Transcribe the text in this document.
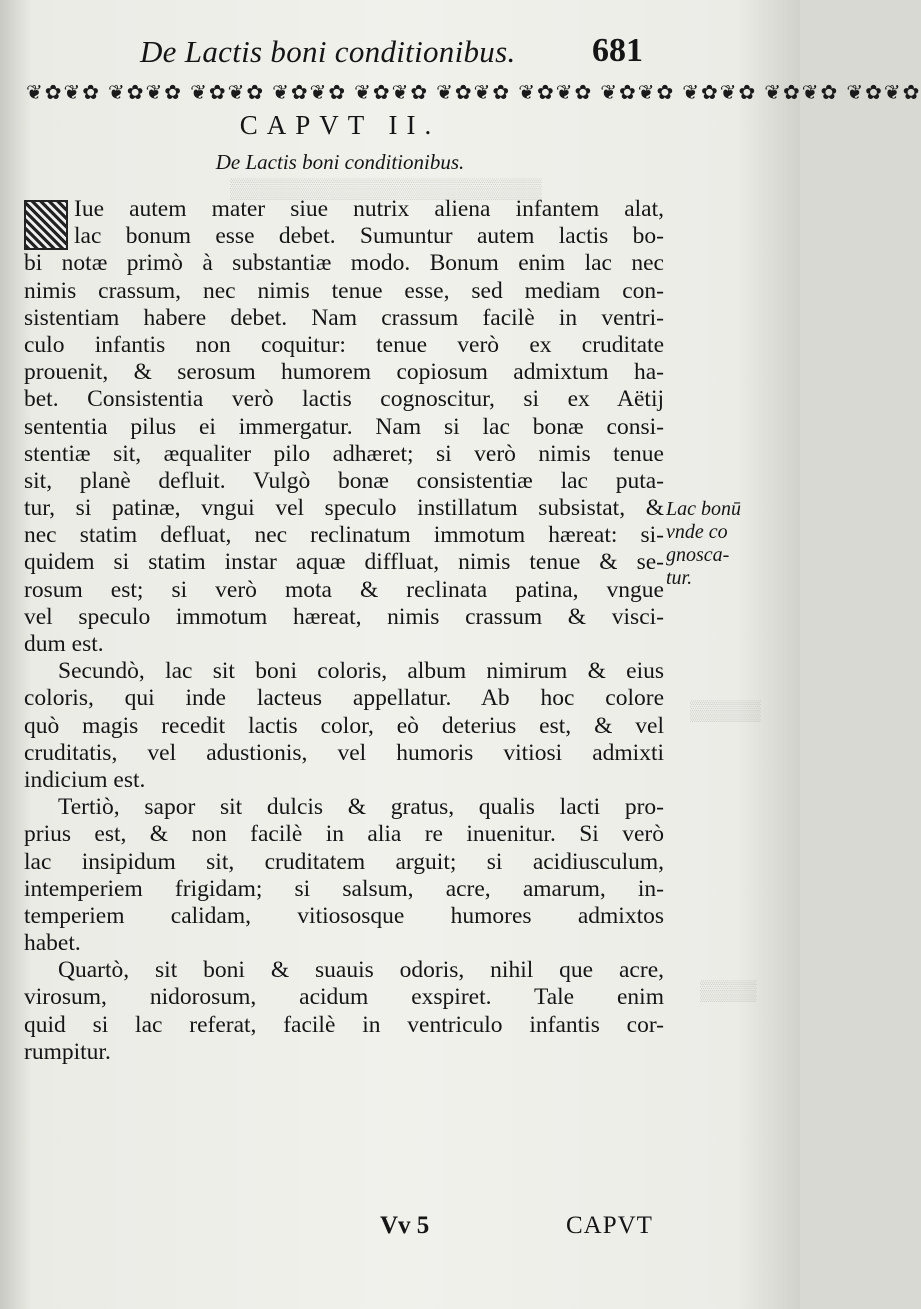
▒▒▒▒▒▒▒▒▒▒▒▒▒▒▒▒▒▒▒▒▒▒
▒▒▒▒▒
▒▒▒▒
De Lactis boni conditionibus. 681
❦✿❦✿ ❦✿❦✿ ❦✿❦✿ ❦✿❦✿ ❦✿❦✿ ❦✿❦✿ ❦✿❦✿ ❦✿❦✿ ❦✿❦✿ ❦✿❦✿ ❦✿❦✿
CAPVT II.
De Lactis boni conditionibus.
Iue autem mater siue nutrix aliena infantem alat,
lac bonum esse debet. Sumuntur autem lactis bo-
bi notæ primò à substantiæ modo. Bonum enim lac nec
nimis crassum, nec nimis tenue esse, sed mediam con-
sistentiam habere debet. Nam crassum facilè in ventri-
culo infantis non coquitur: tenue verò ex cruditate
prouenit, & serosum humorem copiosum admixtum ha-
bet. Consistentia verò lactis cognoscitur, si ex Aëtij
sententia pilus ei immergatur. Nam si lac bonæ consi-
stentiæ sit, æqualiter pilo adhæret; si verò nimis tenue
sit, planè defluit. Vulgò bonæ consistentiæ lac puta-
tur, si patinæ, vngui vel speculo instillatum subsistat, &
nec statim defluat, nec reclinatum immotum hæreat: si-
quidem si statim instar aquæ diffluat, nimis tenue & se-
rosum est; si verò mota & reclinata patina, vngue
vel speculo immotum hæreat, nimis crassum & visci-
dum est.
Secundò, lac sit boni coloris, album nimirum & eius
coloris, qui inde lacteus appellatur. Ab hoc colore
quò magis recedit lactis color, eò deterius est, & vel
cruditatis, vel adustionis, vel humoris vitiosi admixti
indicium est.
Tertiò, sapor sit dulcis & gratus, qualis lacti pro-
prius est, & non facilè in alia re inuenitur. Si verò
lac insipidum sit, cruditatem arguit; si acidiusculum,
intemperiem frigidam; si salsum, acre, amarum, in-
temperiem calidam, vitiososque humores admixtos
habet.
Quartò, sit boni & suauis odoris, nihil que acre,
virosum, nidorosum, acidum exspiret. Tale enim
quid si lac referat, facilè in ventriculo infantis cor-
rumpitur.
Lac bonū
vnde co
gnosca-
tur.
Vv 5	CAPVT
